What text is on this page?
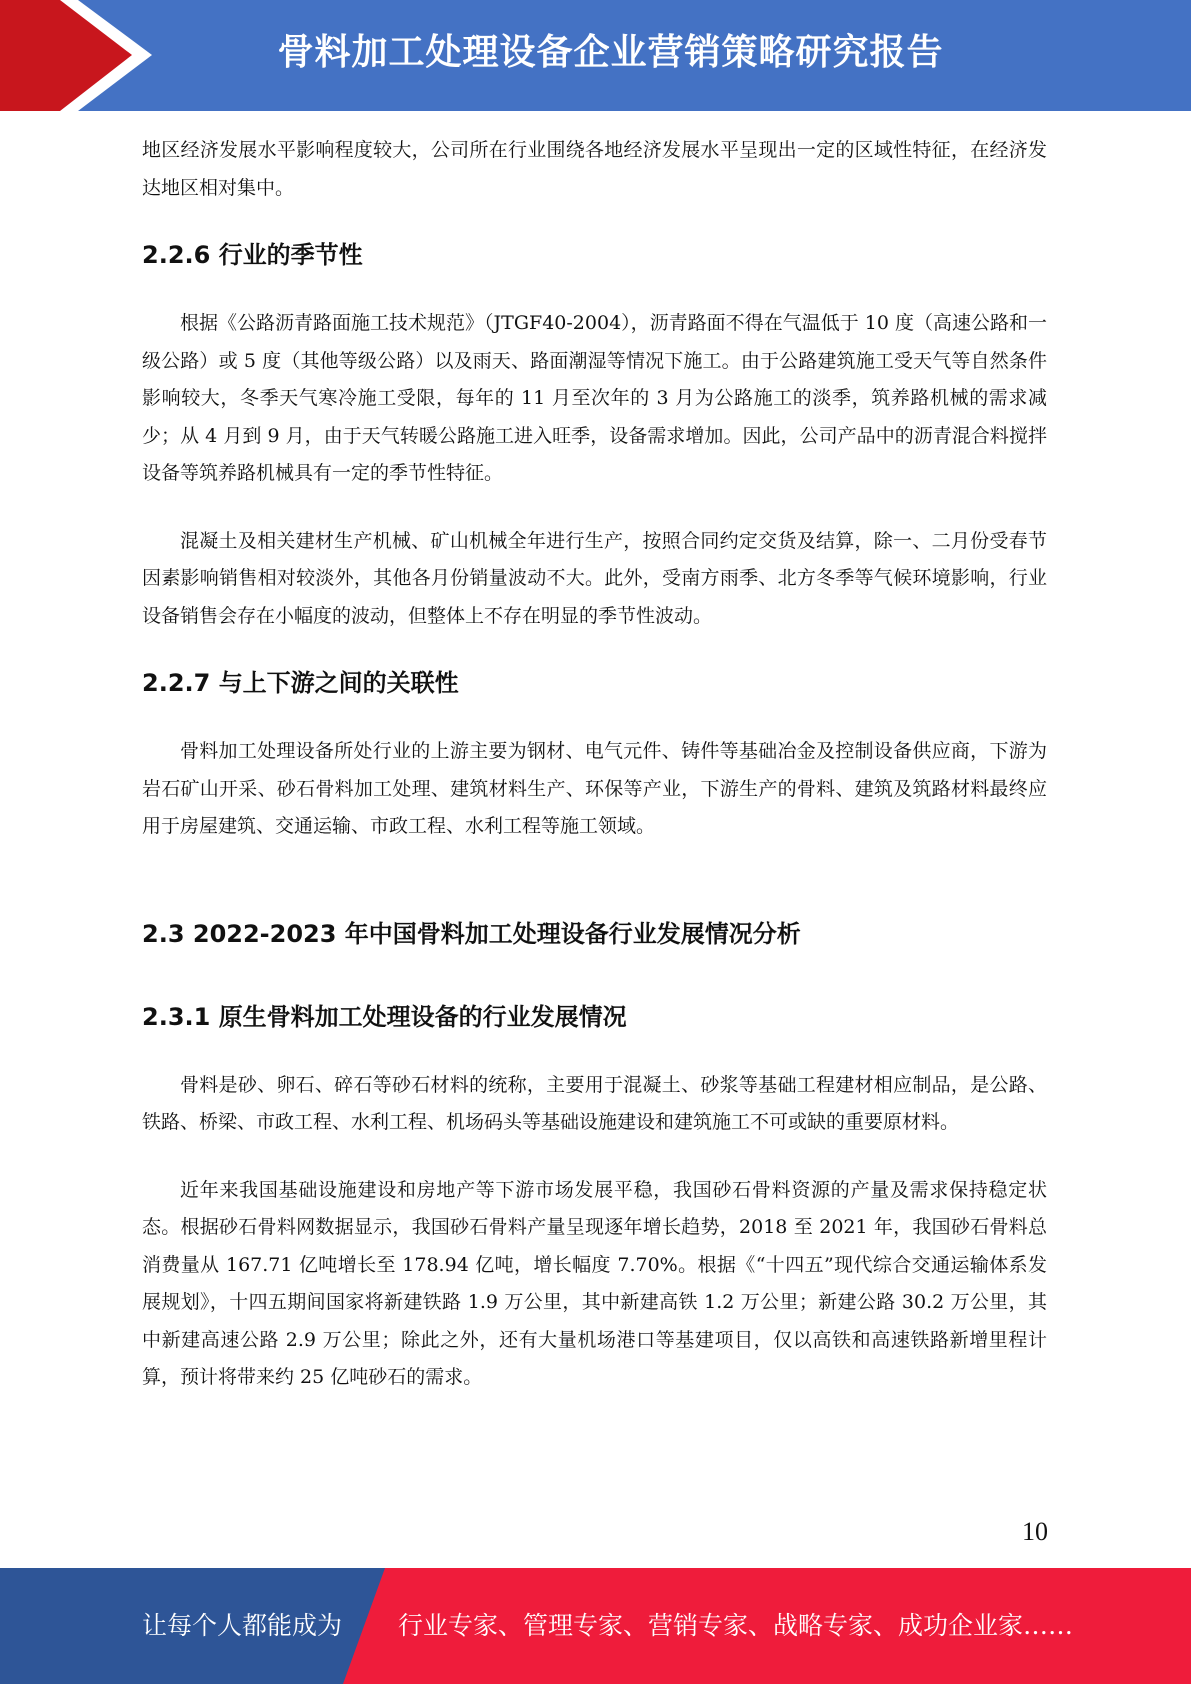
骨料加工处理设备企业营销策略研究报告

地区经济发展水平影响程度较大，公司所在行业围绕各地经济发展水平呈现出一定的区域性特征，在经济发达地区相对集中。

2.2.6 行业的季节性

根据《公路沥青路面施工技术规范》（JTGF40-2004），沥青路面不得在气温低于 10 度（高速公路和一级公路）或 5 度（其他等级公路）以及雨天、路面潮湿等情况下施工。由于公路建筑施工受天气等自然条件影响较大，冬季天气寒冷施工受限，每年的 11 月至次年的 3 月为公路施工的淡季，筑养路机械的需求减少；从 4 月到 9 月，由于天气转暖公路施工进入旺季，设备需求增加。因此，公司产品中的沥青混合料搅拌设备等筑养路机械具有一定的季节性特征。

混凝土及相关建材生产机械、矿山机械全年进行生产，按照合同约定交货及结算，除一、二月份受春节因素影响销售相对较淡外，其他各月份销量波动不大。此外，受南方雨季、北方冬季等气候环境影响，行业设备销售会存在小幅度的波动，但整体上不存在明显的季节性波动。

2.2.7 与上下游之间的关联性

骨料加工处理设备所处行业的上游主要为钢材、电气元件、铸件等基础冶金及控制设备供应商，下游为岩石矿山开采、砂石骨料加工处理、建筑材料生产、环保等产业，下游生产的骨料、建筑及筑路材料最终应用于房屋建筑、交通运输、市政工程、水利工程等施工领域。

2.3 2022-2023 年中国骨料加工处理设备行业发展情况分析
2.3.1 原生骨料加工处理设备的行业发展情况

骨料是砂、卵石、碎石等砂石材料的统称，主要用于混凝土、砂浆等基础工程建材相应制品，是公路、铁路、桥梁、市政工程、水利工程、机场码头等基础设施建设和建筑施工不可或缺的重要原材料。

近年来我国基础设施建设和房地产等下游市场发展平稳，我国砂石骨料资源的产量及需求保持稳定状态。根据砂石骨料网数据显示，我国砂石骨料产量呈现逐年增长趋势，2018 至 2021 年，我国砂石骨料总消费量从 167.71 亿吨增长至 178.94 亿吨，增长幅度 7.70%。根据《“十四五”现代综合交通运输体系发展规划》，十四五期间国家将新建铁路 1.9 万公里，其中新建高铁 1.2 万公里；新建公路 30.2 万公里，其中新建高速公路 2.9 万公里；除此之外，还有大量机场港口等基建项目，仅以高铁和高速铁路新增里程计算，预计将带来约 25 亿吨砂石的需求。

10
让每个人都能成为 行业专家、管理专家、营销专家、战略专家、成功企业家……
